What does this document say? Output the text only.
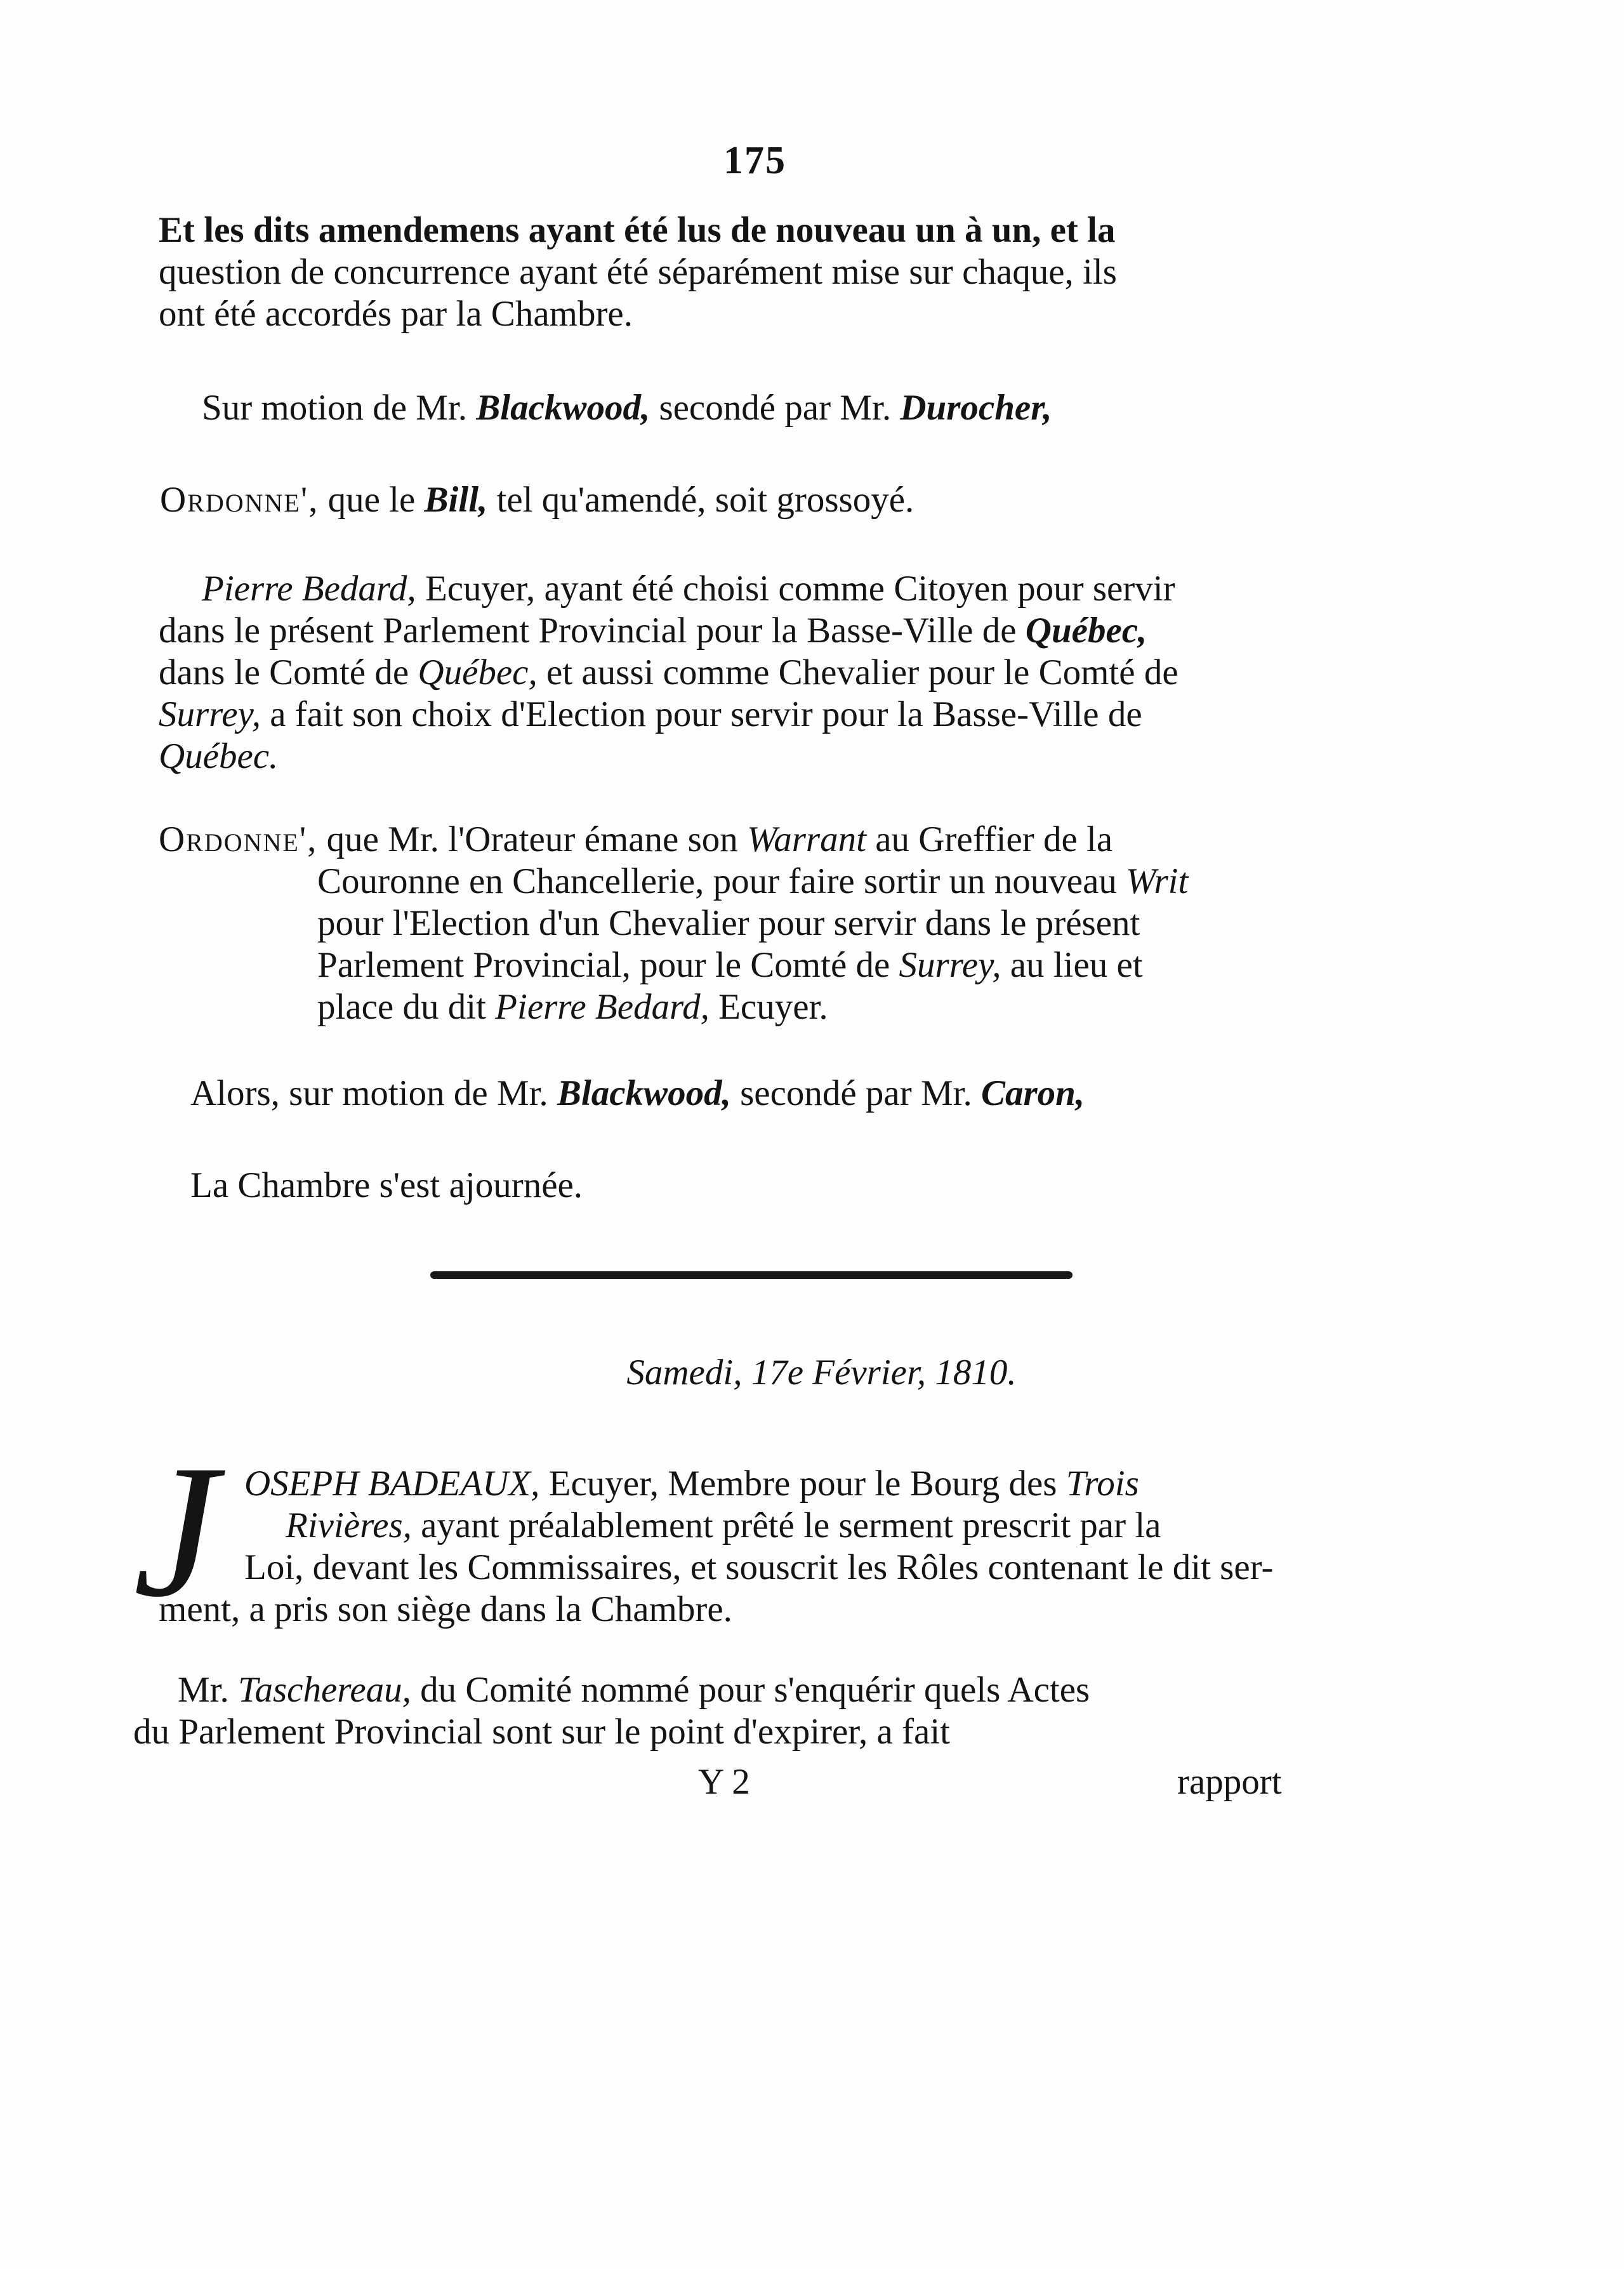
175
Et les dits amendemens ayant été lus de nouveau un à un, et la
question de concurrence ayant été séparément mise sur chaque, ils
ont été accordés par la Chambre.
Sur motion de Mr. Blackwood, secondé par Mr. Durocher,
Ordonne', que le Bill, tel qu'amendé, soit grossoyé.
Pierre Bedard, Ecuyer, ayant été choisi comme Citoyen pour servir
dans le présent Parlement Provincial pour la Basse-Ville de Québec,
dans le Comté de Québec, et aussi comme Chevalier pour le Comté de
Surrey, a fait son choix d'Election pour servir pour la Basse-Ville de
Québec.
Ordonne', que Mr. l'Orateur émane son Warrant au Greffier de la
Couronne en Chancellerie, pour faire sortir un nouveau Writ
pour l'Election d'un Chevalier pour servir dans le présent
Parlement Provincial, pour le Comté de Surrey, au lieu et
place du dit Pierre Bedard, Ecuyer.
Alors, sur motion de Mr. Blackwood, secondé par Mr. Caron,
La Chambre s'est ajournée.
Samedi, 17e Février, 1810.
J OSEPH BADEAUX, Ecuyer, Membre pour le Bourg des Trois
Rivières, ayant préalablement prêté le serment prescrit par la
Loi, devant les Commissaires, et souscrit les Rôles contenant le dit ser-
ment, a pris son siège dans la Chambre.
Mr. Taschereau, du Comité nommé pour s'enquérir quels Actes
du Parlement Provincial sont sur le point d'expirer, a fait
Y 2	rapport
